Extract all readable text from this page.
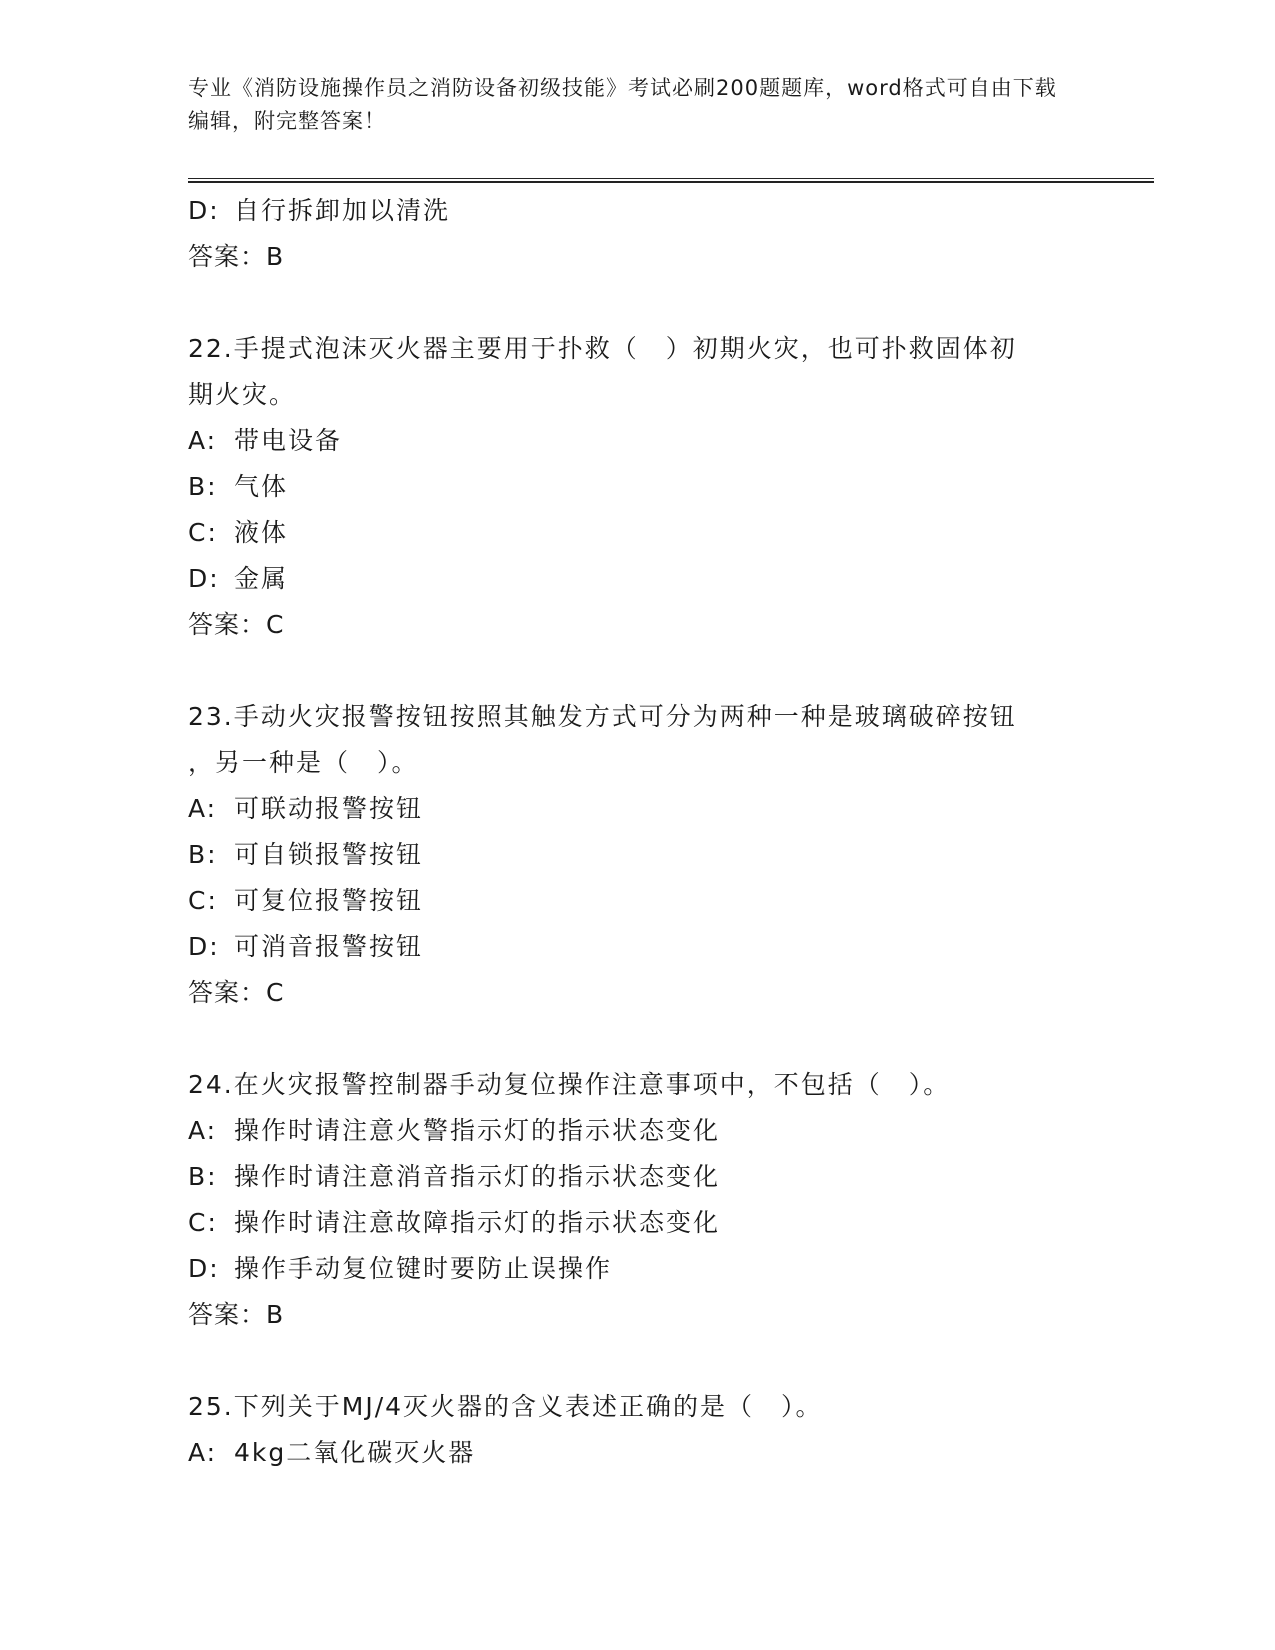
专业《消防设施操作员之消防设备初级技能》考试必刷200题题库，word格式可自由下载编辑，附完整答案！
D: 自行拆卸加以清洗
答案：B
22.手提式泡沫灭火器主要用于扑救（　）初期火灾，也可扑救固体初
期火灾。
A: 带电设备
B: 气体
C: 液体
D: 金属
答案：C
23.手动火灾报警按钮按照其触发方式可分为两种一种是玻璃破碎按钮
，另一种是（　）。
A: 可联动报警按钮
B: 可自锁报警按钮
C: 可复位报警按钮
D: 可消音报警按钮
答案：C
24.在火灾报警控制器手动复位操作注意事项中，不包括（　）。
A: 操作时请注意火警指示灯的指示状态变化
B: 操作时请注意消音指示灯的指示状态变化
C: 操作时请注意故障指示灯的指示状态变化
D: 操作手动复位键时要防止误操作
答案：B
25.下列关于MJ/4灭火器的含义表述正确的是（　）。
A: 4kg二氧化碳灭火器
